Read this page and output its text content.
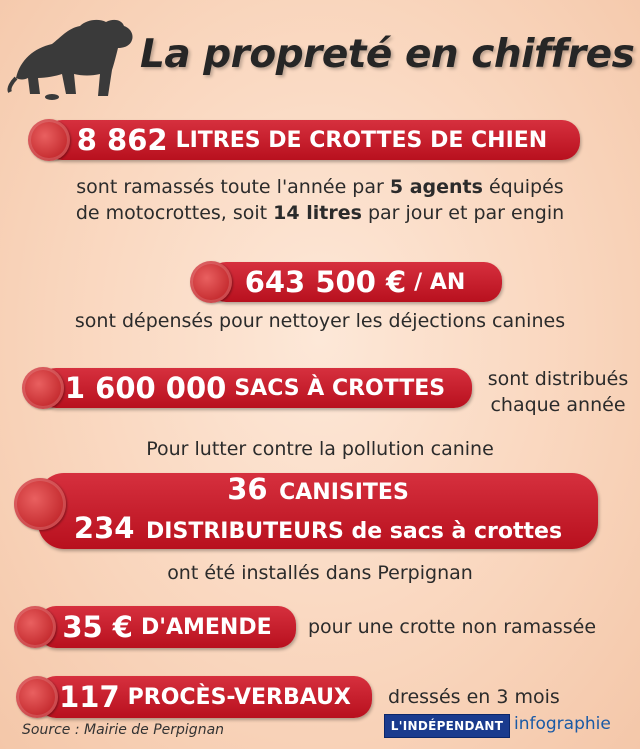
La propreté en chiffres
8 862 LITRES DE CROTTES DE CHIEN
sont ramassés toute l'année par 5 agents équipés
de motocrottes, soit 14 litres par jour et par engin
643 500 € / AN
sont dépensés pour nettoyer les déjections canines
1 600 000 SACS À CROTTES	sont distribués
chaque année
Pour lutter contre la pollution canine
36 CANISITES
234 DISTRIBUTEURS de sacs à crottes
ont été installés dans Perpignan
35 € D'AMENDE pour une crotte non ramassée
117 PROCÈS-VERBAUX dressés en 3 mois
Source : Mairie de Perpignan	L'INDÉPENDANT infographie
